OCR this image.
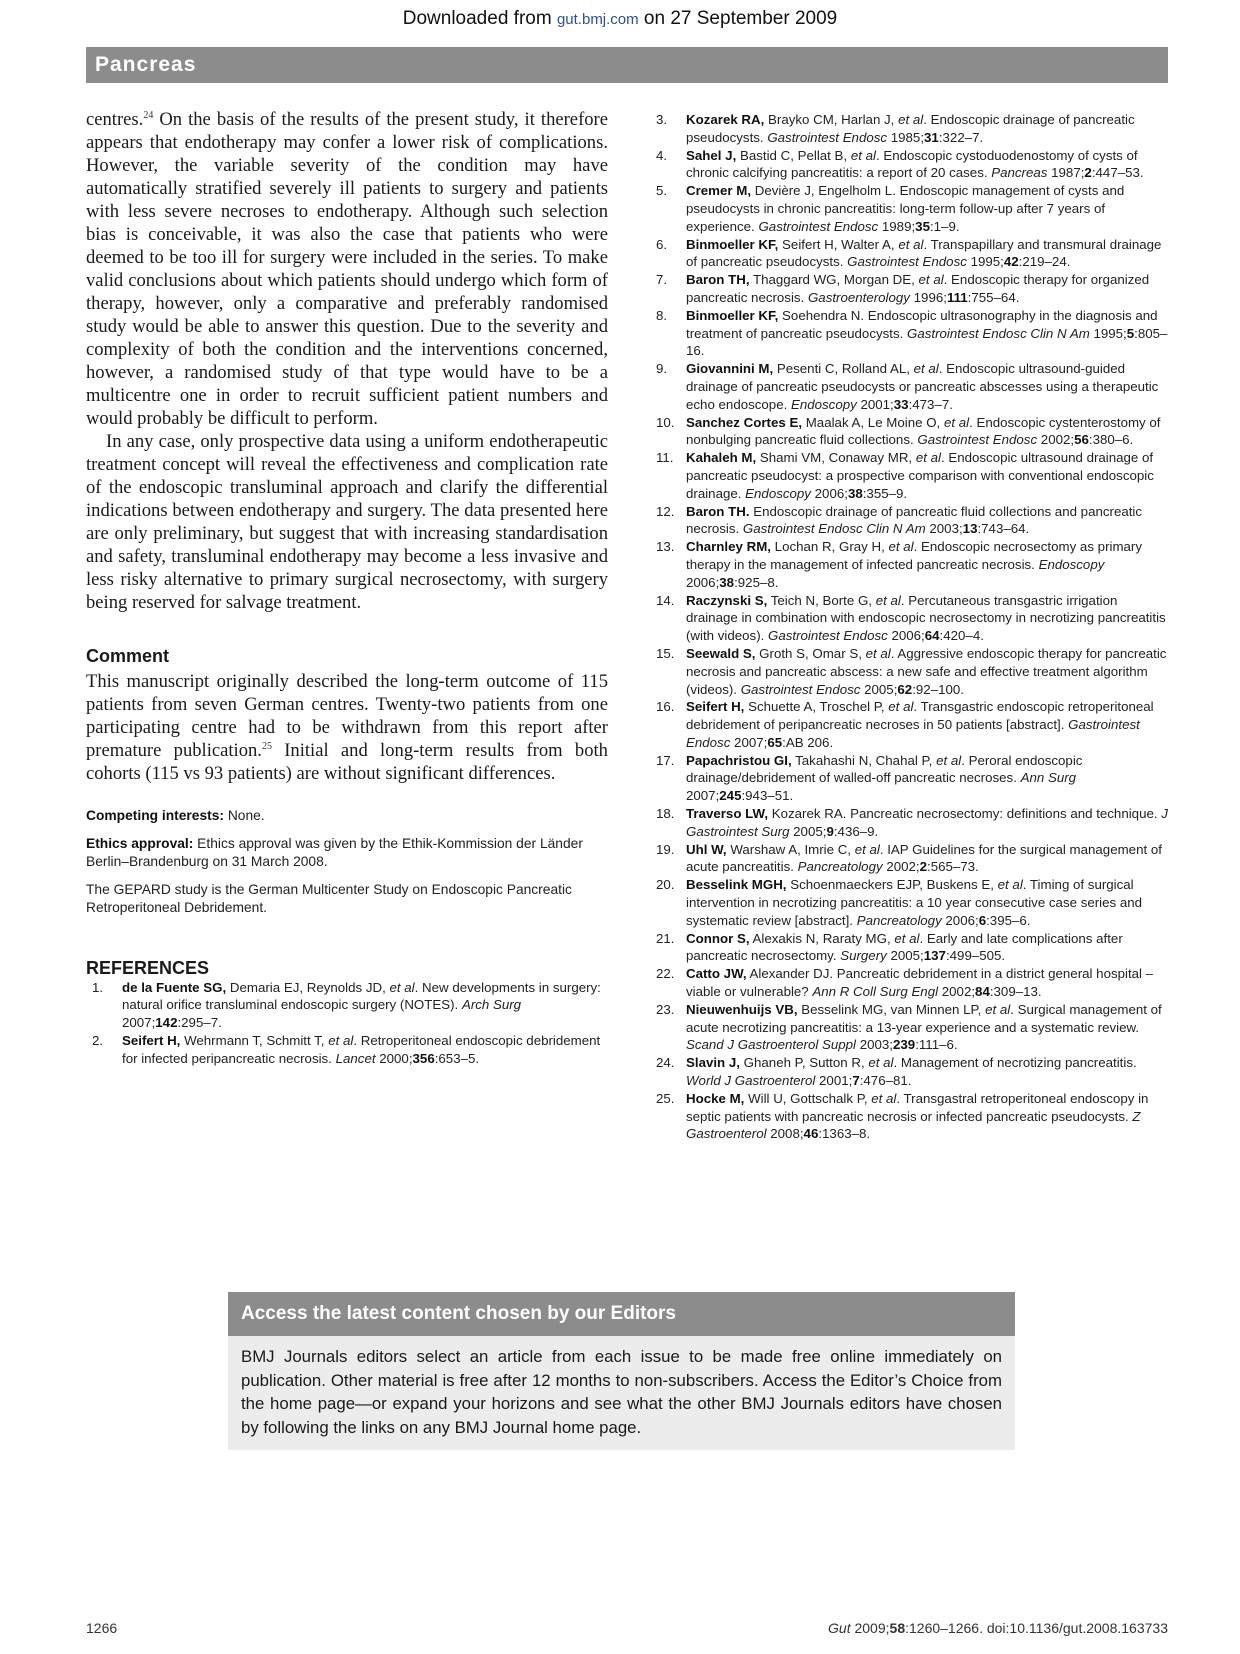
Downloaded from gut.bmj.com on 27 September 2009
Pancreas

centres.$^{24}$ On the basis of the results of the present study, it therefore appears that endotherapy may confer a lower risk of complications. However, the variable severity of the condition may have automatically stratified severely ill patients to surgery and patients with less severe necroses to endotherapy. Although such selection bias is conceivable, it was also the case that patients who were deemed to be too ill for surgery were included in the series. To make valid conclusions about which patients should undergo which form of therapy, however, only a comparative and preferably randomised study would be able to answer this question. Due to the severity and complexity of both the condition and the interventions concerned, however, a randomised study of that type would have to be a multicentre one in order to recruit sufficient patient numbers and would probably be difficult to perform.

In any case, only prospective data using a uniform endotherapeutic treatment concept will reveal the effectiveness and complication rate of the endoscopic transluminal approach and clarify the differential indications between endotherapy and surgery. The data presented here are only preliminary, but suggest that with increasing standardisation and safety, transluminal endotherapy may become a less invasive and less risky alternative to primary surgical necrosectomy, with surgery being reserved for salvage treatment.

Comment

This manuscript originally described the long-term outcome of 115 patients from seven German centres. Twenty-two patients from one participating centre had to be withdrawn from this report after premature publication.$^{25}$ Initial and long-term results from both cohorts (115 vs 93 patients) are without significant differences.

Competing interests: None.

Ethics approval: Ethics approval was given by the Ethik-Kommission der Länder Berlin–Brandenburg on 31 March 2008.

The GEPARD study is the German Multicenter Study on Endoscopic Pancreatic Retroperitoneal Debridement.

REFERENCES
1. de la Fuente SG, Demaria EJ, Reynolds JD, et al. New developments in surgery: natural orifice transluminal endoscopic surgery (NOTES). Arch Surg 2007;142:295–7.
2. Seifert H, Wehrmann T, Schmitt T, et al. Retroperitoneal endoscopic debridement for infected peripancreatic necrosis. Lancet 2000;356:653–5.
3. Kozarek RA, Brayko CM, Harlan J, et al. Endoscopic drainage of pancreatic pseudocysts. Gastrointest Endosc 1985;31:322–7.
4. Sahel J, Bastid C, Pellat B, et al. Endoscopic cystoduodenostomy of cysts of chronic calcifying pancreatitis: a report of 20 cases. Pancreas 1987;2:447–53.
5. Cremer M, Devière J, Engelholm L. Endoscopic management of cysts and pseudocysts in chronic pancreatitis: long-term follow-up after 7 years of experience. Gastrointest Endosc 1989;35:1–9.
6. Binmoeller KF, Seifert H, Walter A, et al. Transpapillary and transmural drainage of pancreatic pseudocysts. Gastrointest Endosc 1995;42:219–24.
7. Baron TH, Thaggard WG, Morgan DE, et al. Endoscopic therapy for organized pancreatic necrosis. Gastroenterology 1996;111:755–64.
8. Binmoeller KF, Soehendra N. Endoscopic ultrasonography in the diagnosis and treatment of pancreatic pseudocysts. Gastrointest Endosc Clin N Am 1995;5:805–16.
9. Giovannini M, Pesenti C, Rolland AL, et al. Endoscopic ultrasound-guided drainage of pancreatic pseudocysts or pancreatic abscesses using a therapeutic echo endoscope. Endoscopy 2001;33:473–7.
10. Sanchez Cortes E, Maalak A, Le Moine O, et al. Endoscopic cystenterostomy of nonbulging pancreatic fluid collections. Gastrointest Endosc 2002;56:380–6.
11. Kahaleh M, Shami VM, Conaway MR, et al. Endoscopic ultrasound drainage of pancreatic pseudocyst: a prospective comparison with conventional endoscopic drainage. Endoscopy 2006;38:355–9.
12. Baron TH. Endoscopic drainage of pancreatic fluid collections and pancreatic necrosis. Gastrointest Endosc Clin N Am 2003;13:743–64.
13. Charnley RM, Lochan R, Gray H, et al. Endoscopic necrosectomy as primary therapy in the management of infected pancreatic necrosis. Endoscopy 2006;38:925–8.
14. Raczynski S, Teich N, Borte G, et al. Percutaneous transgastric irrigation drainage in combination with endoscopic necrosectomy in necrotizing pancreatitis (with videos). Gastrointest Endosc 2006;64:420–4.
15. Seewald S, Groth S, Omar S, et al. Aggressive endoscopic therapy for pancreatic necrosis and pancreatic abscess: a new safe and effective treatment algorithm (videos). Gastrointest Endosc 2005;62:92–100.
16. Seifert H, Schuette A, Troschel P, et al. Transgastric endoscopic retroperitoneal debridement of peripancreatic necroses in 50 patients [abstract]. Gastrointest Endosc 2007;65:AB 206.
17. Papachristou GI, Takahashi N, Chahal P, et al. Peroral endoscopic drainage/debridement of walled-off pancreatic necroses. Ann Surg 2007;245:943–51.
18. Traverso LW, Kozarek RA. Pancreatic necrosectomy: definitions and technique. J Gastrointest Surg 2005;9:436–9.
19. Uhl W, Warshaw A, Imrie C, et al. IAP Guidelines for the surgical management of acute pancreatitis. Pancreatology 2002;2:565–73.
20. Besselink MGH, Schoenmaeckers EJP, Buskens E, et al. Timing of surgical intervention in necrotizing pancreatitis: a 10 year consecutive case series and systematic review [abstract]. Pancreatology 2006;6:395–6.
21. Connor S, Alexakis N, Raraty MG, et al. Early and late complications after pancreatic necrosectomy. Surgery 2005;137:499–505.
22. Catto JW, Alexander DJ. Pancreatic debridement in a district general hospital – viable or vulnerable? Ann R Coll Surg Engl 2002;84:309–13.
23. Nieuwenhuijs VB, Besselink MG, van Minnen LP, et al. Surgical management of acute necrotizing pancreatitis: a 13-year experience and a systematic review. Scand J Gastroenterol Suppl 2003;239:111–6.
24. Slavin J, Ghaneh P, Sutton R, et al. Management of necrotizing pancreatitis. World J Gastroenterol 2001;7:476–81.
25. Hocke M, Will U, Gottschalk P, et al. Transgastral retroperitoneal endoscopy in septic patients with pancreatic necrosis or infected pancreatic pseudocysts. Z Gastroenterol 2008;46:1363–8.
Access the latest content chosen by our Editors

BMJ Journals editors select an article from each issue to be made free online immediately on publication. Other material is free after 12 months to non-subscribers. Access the Editor’s Choice from the home page—or expand your horizons and see what the other BMJ Journals editors have chosen by following the links on any BMJ Journal home page.

1266	Gut 2009;58:1260–1266. doi:10.1136/gut.2008.163733
